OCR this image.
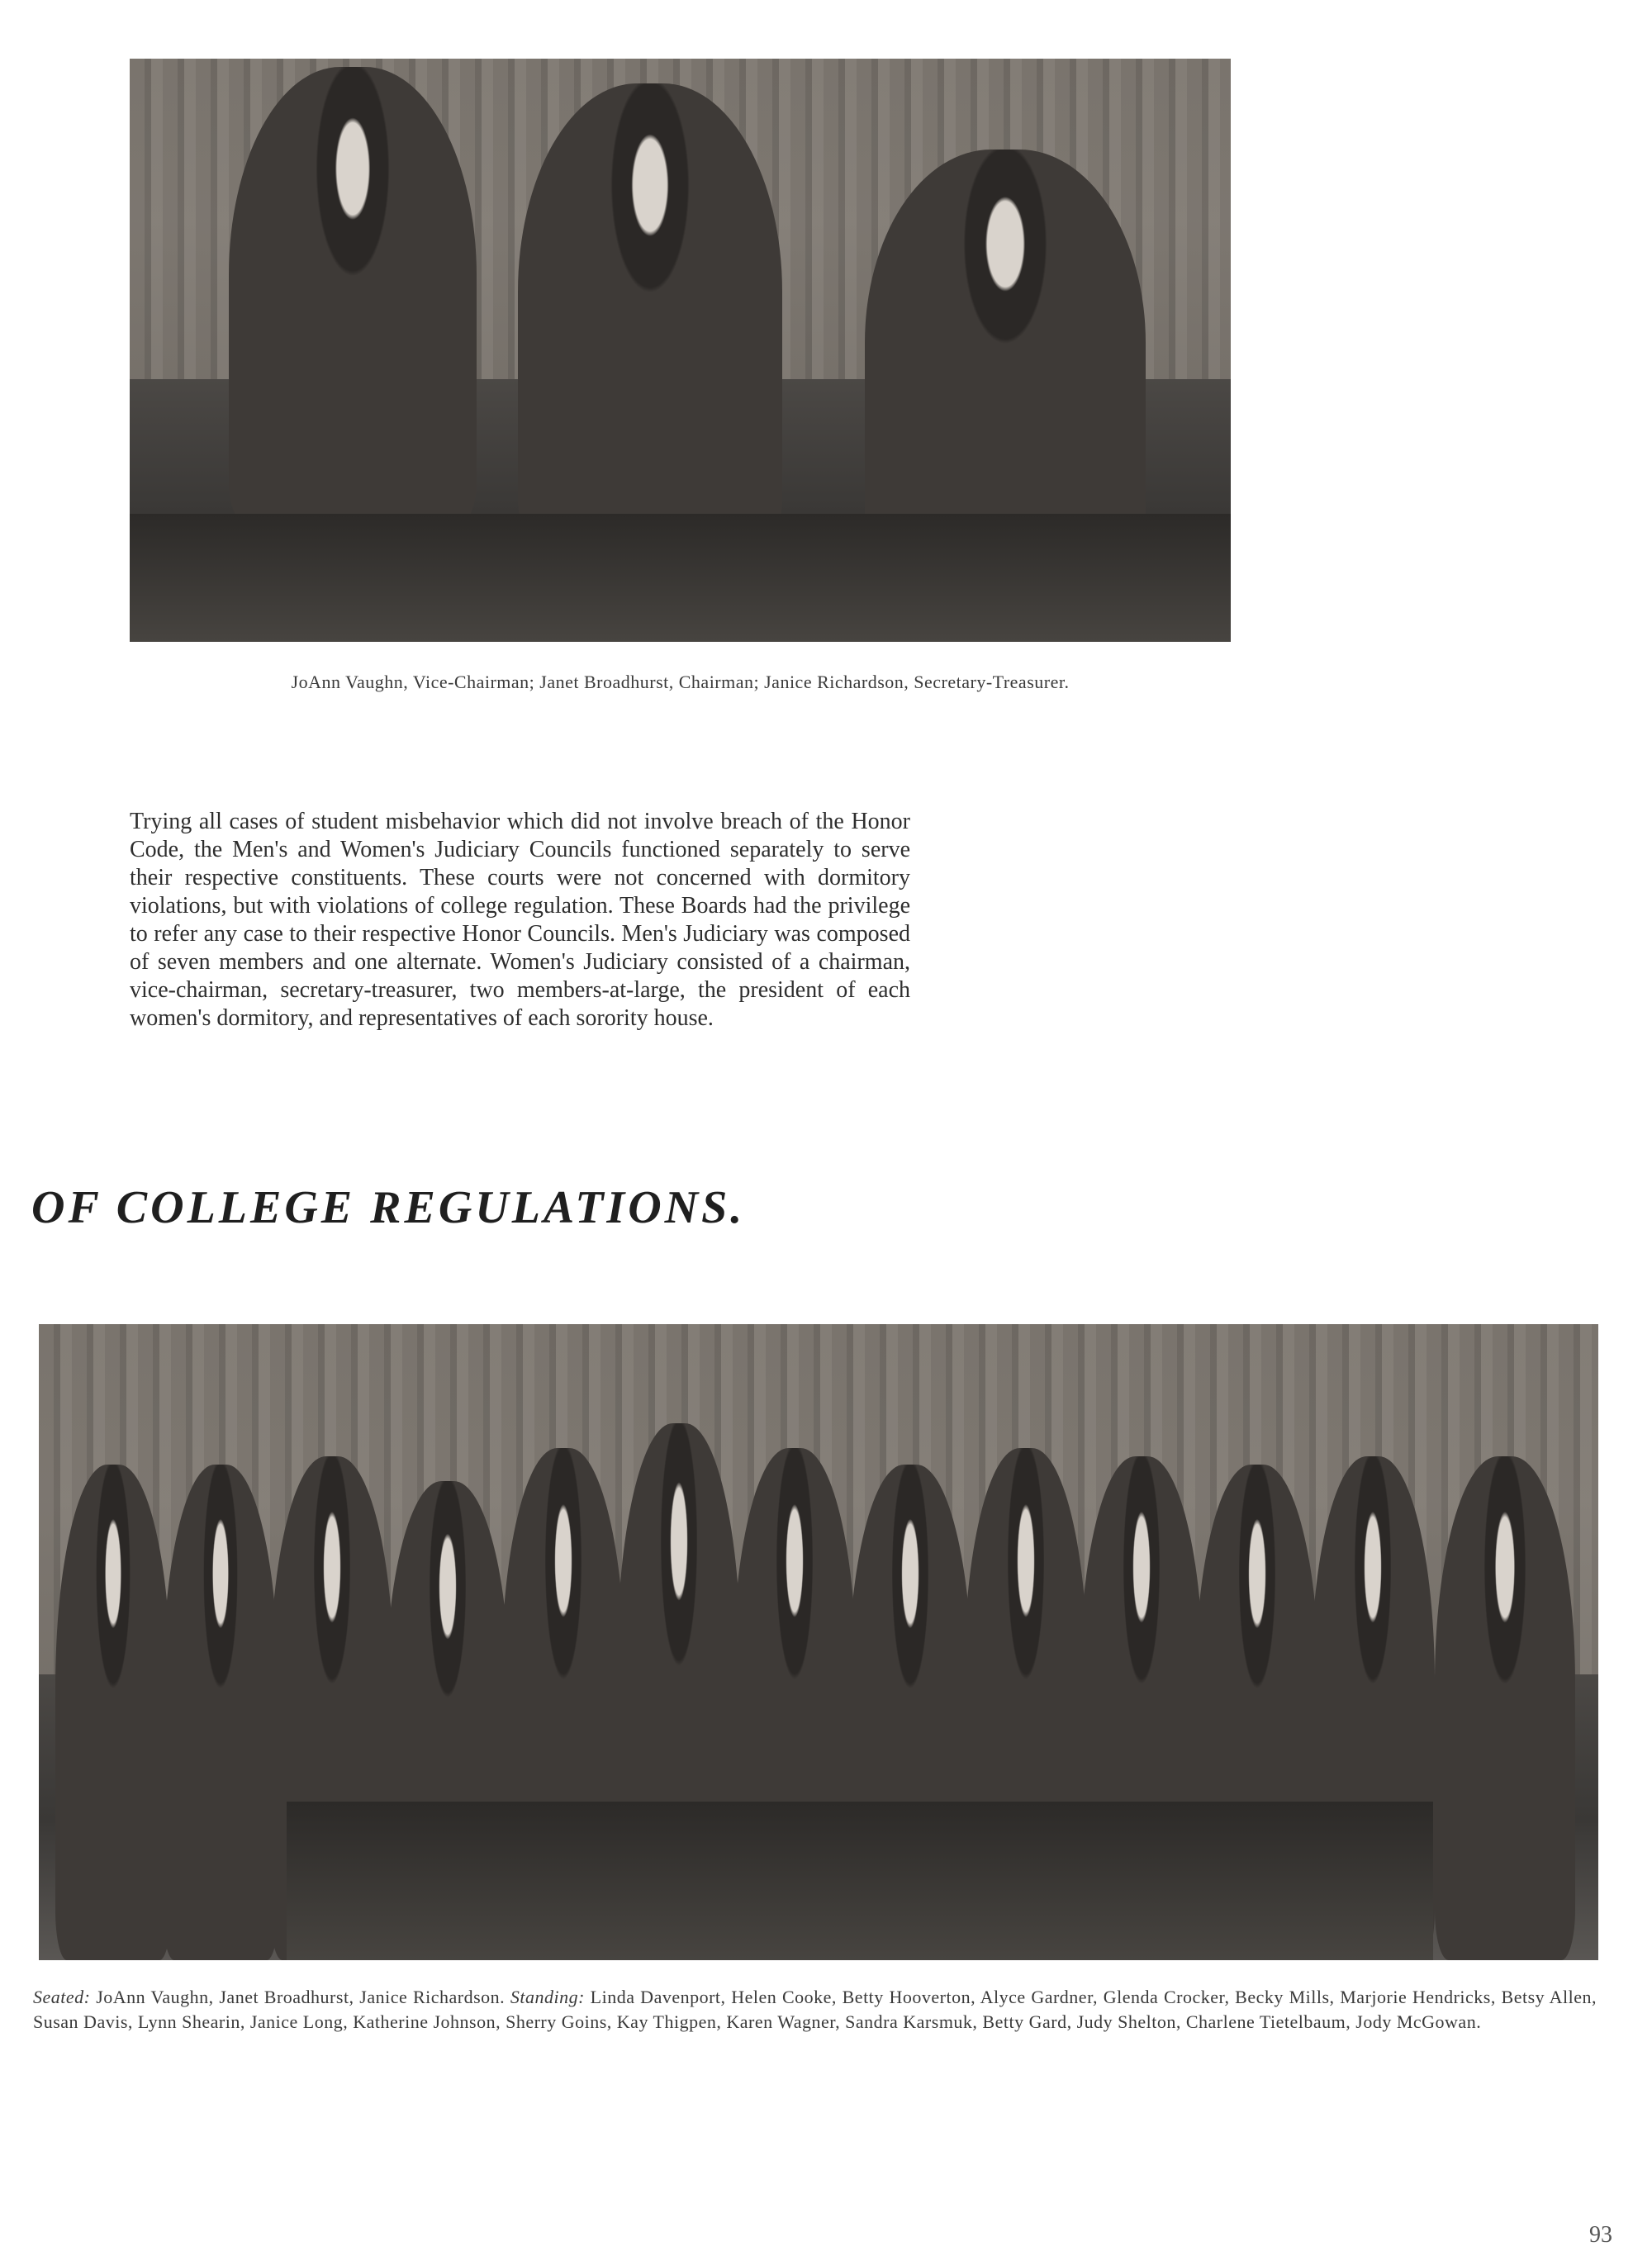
JoAnn Vaughn, Vice-Chairman; Janet Broadhurst, Chairman; Janice Richardson, Secretary-Treasurer.
Trying all cases of student misbehavior which did not involve breach of the Honor Code, the Men's and Women's Judiciary Councils functioned separately to serve their respective constituents. These courts were not concerned with dormitory violations, but with violations of college regulation. These Boards had the privilege to refer any case to their respective Honor Councils. Men's Judiciary was composed of seven members and one alternate. Women's Judiciary consisted of a chairman, vice-chairman, secretary-treasurer, two members-at-large, the president of each women's dormitory, and representatives of each sorority house.
OF COLLEGE REGULATIONS.
Seated: JoAnn Vaughn, Janet Broadhurst, Janice Richardson. Standing: Linda Davenport, Helen Cooke, Betty Hooverton, Alyce Gardner, Glenda Crocker, Becky Mills, Marjorie Hendricks, Betsy Allen, Susan Davis, Lynn Shearin, Janice Long, Katherine Johnson, Sherry Goins, Kay Thigpen, Karen Wagner, Sandra Karsmuk, Betty Gard, Judy Shelton, Charlene Tietelbaum, Jody McGowan.
93
